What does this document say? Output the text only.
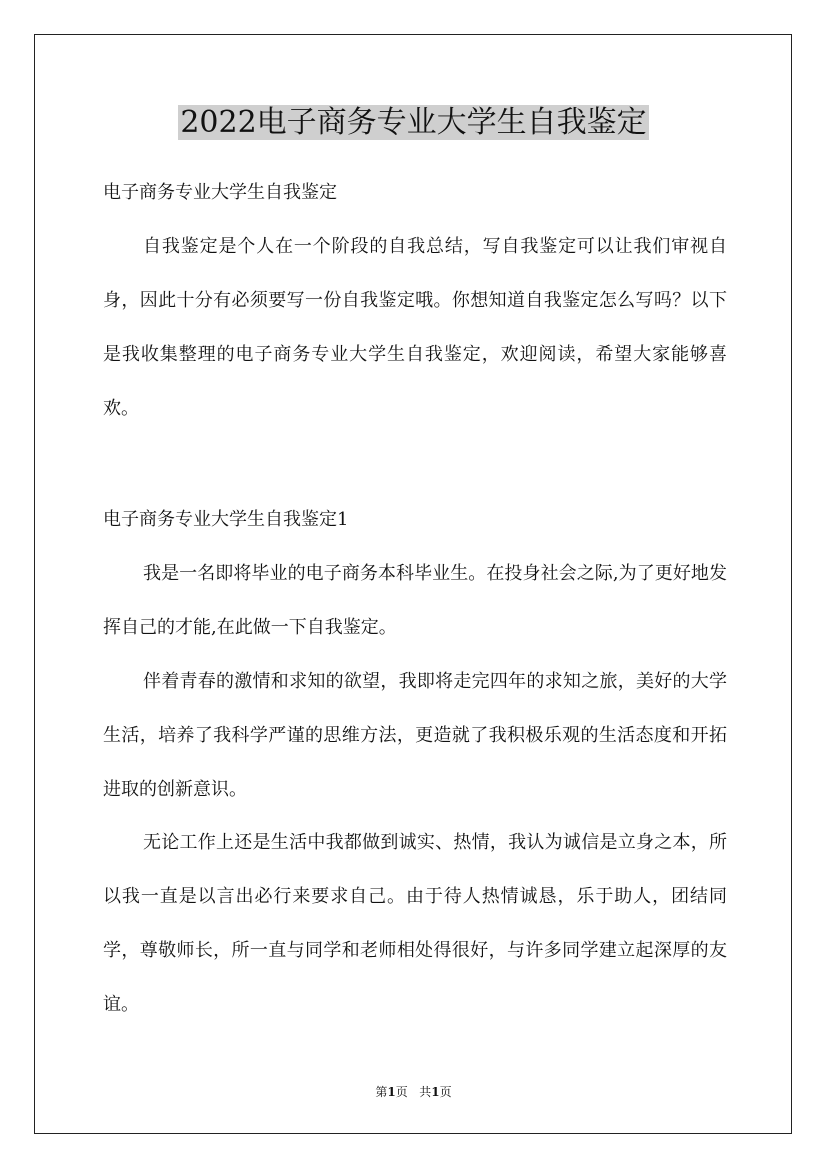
2022电子商务专业大学生自我鉴定
电子商务专业大学生自我鉴定

自我鉴定是个人在一个阶段的自我总结，写自我鉴定可以让我们审视自身，因此十分有必须要写一份自我鉴定哦。你想知道自我鉴定怎么写吗？以下是我收集整理的电子商务专业大学生自我鉴定，欢迎阅读，希望大家能够喜欢。

电子商务专业大学生自我鉴定1

我是一名即将毕业的电子商务本科毕业生。在投身社会之际,为了更好地发挥自己的才能,在此做一下自我鉴定。

伴着青春的激情和求知的欲望，我即将走完四年的求知之旅，美好的大学生活，培养了我科学严谨的思维方法，更造就了我积极乐观的生活态度和开拓进取的创新意识。

无论工作上还是生活中我都做到诚实、热情，我认为诚信是立身之本，所以我一直是以言出必行来要求自己。由于待人热情诚恳，乐于助人，团结同学，尊敬师长，所一直与同学和老师相处得很好，与许多同学建立起深厚的友谊。

第1页 共1页
